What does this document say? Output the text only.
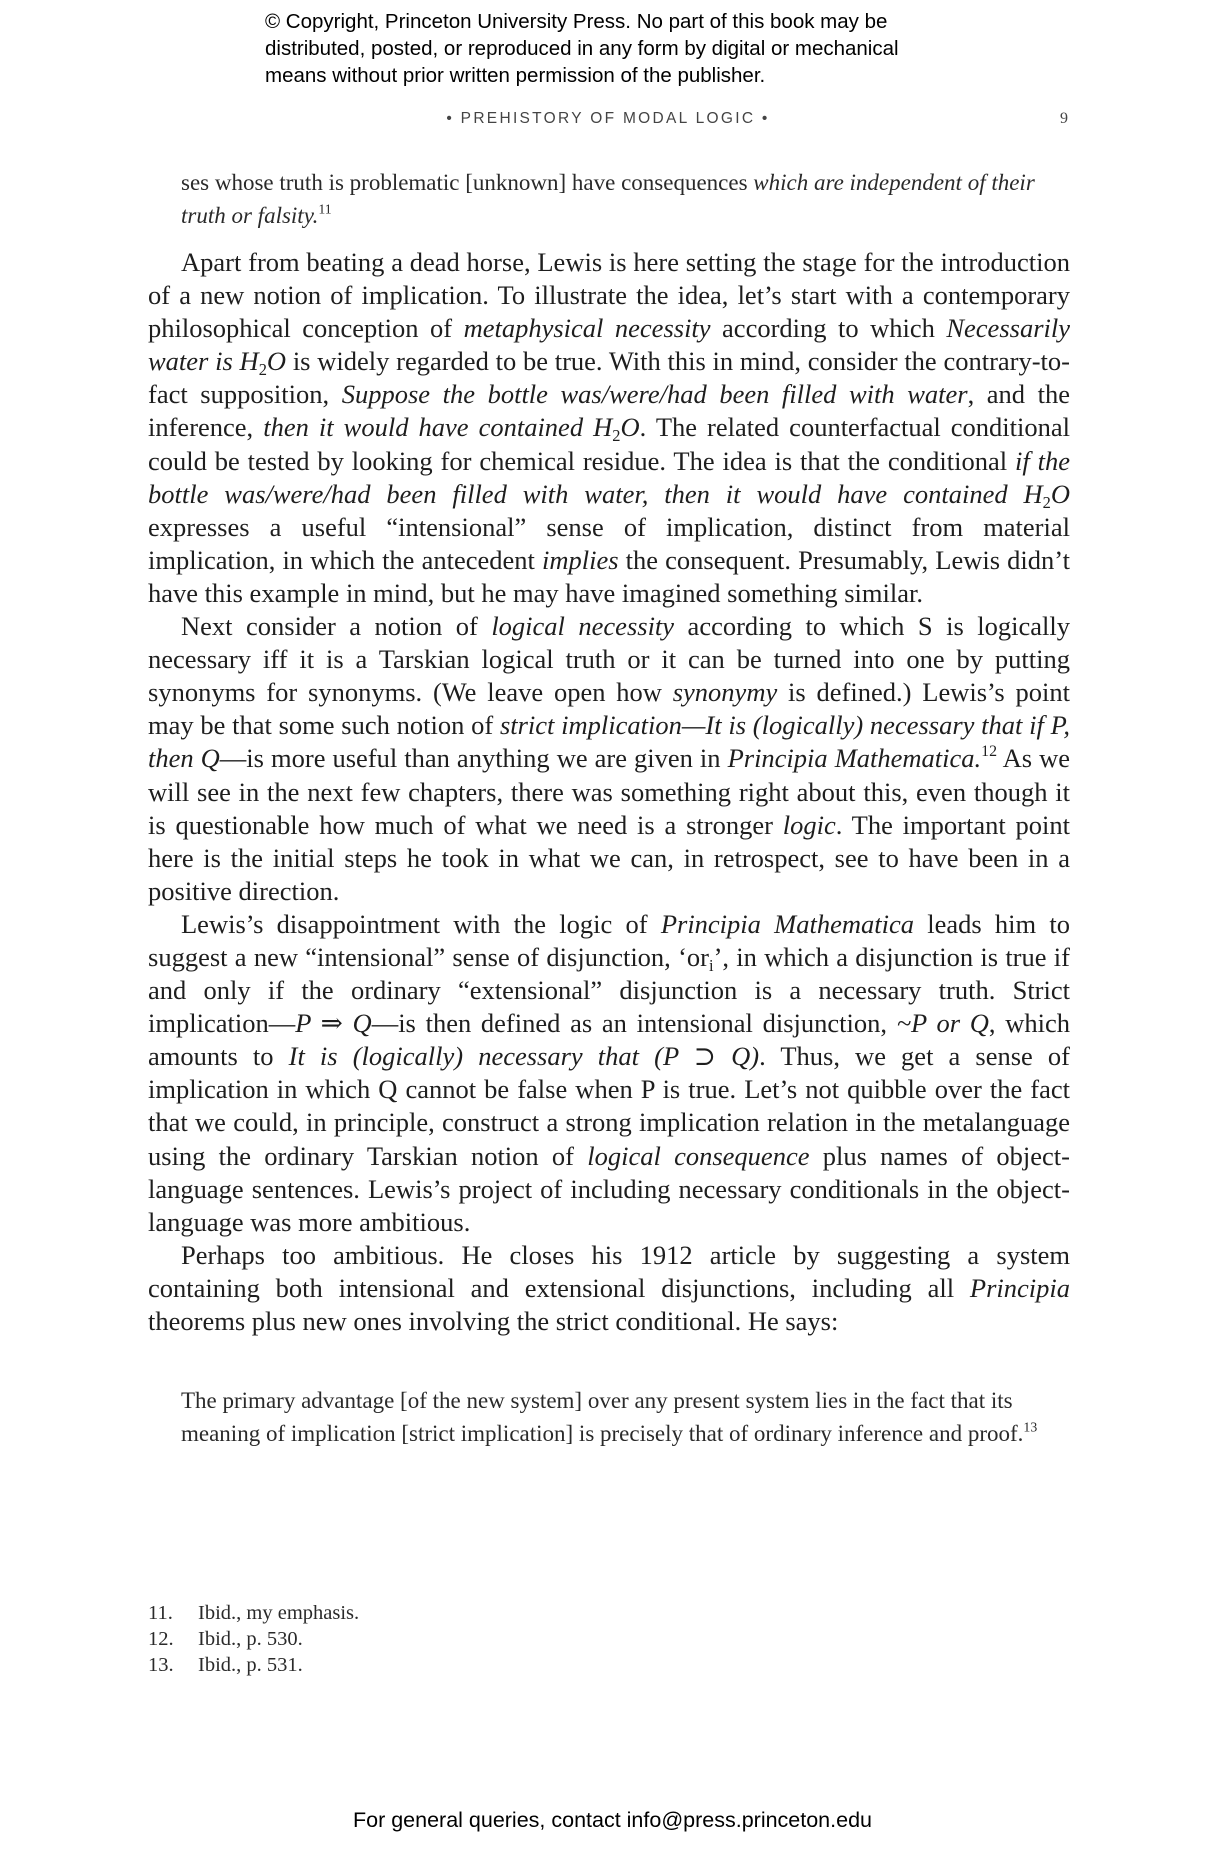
© Copyright, Princeton University Press. No part of this book may be
distributed, posted, or reproduced in any form by digital or mechanical
means without prior written permission of the publisher.
• PREHISTORY OF MODAL LOGIC •	9
ses whose truth is problematic [unknown] have consequences which are independent of their truth or falsity.$^{11}$

Apart from beating a dead horse, Lewis is here setting the stage for the introduction of a new notion of implication. To illustrate the idea, let’s start with a contemporary philosophical conception of metaphysical necessity according to which Necessarily water is $H_2O$ is widely regarded to be true. With this in mind, consider the contrary-to-fact supposition, Suppose the bottle was/were/had been filled with water, and the inference, then it would have contained $H_2O$. The related counterfactual conditional could be tested by looking for chemical residue. The idea is that the conditional if the bottle was/were/had been filled with water, then it would have contained $H_2O$ expresses a useful “intensional” sense of implication, distinct from material implication, in which the antecedent implies the consequent. Presumably, Lewis didn’t have this example in mind, but he may have imagined something similar.

Next consider a notion of logical necessity according to which S is logically necessary iff it is a Tarskian logical truth or it can be turned into one by putting synonyms for synonyms. (We leave open how synonymy is defined.) Lewis’s point may be that some such notion of strict implication—It is (logically) necessary that if P, then Q—is more useful than anything we are given in Principia Mathematica.$^{12}$ As we will see in the next few chapters, there was something right about this, even though it is questionable how much of what we need is a stronger logic. The important point here is the initial steps he took in what we can, in retrospect, see to have been in a positive direction.

Lewis’s disappointment with the logic of Principia Mathematica leads him to suggest a new “intensional” sense of disjunction, ‘$or_i$’, in which a disjunction is true if and only if the ordinary “extensional” disjunction is a necessary truth. Strict implication—P ⇒ Q—is then defined as an intensional disjunction, ~P or Q, which amounts to It is (logically) necessary that (P ⊃ Q). Thus, we get a sense of implication in which Q cannot be false when P is true. Let’s not quibble over the fact that we could, in principle, construct a strong implication relation in the metalanguage using the ordinary Tarskian notion of logical consequence plus names of object-language sentences. Lewis’s project of including necessary conditionals in the object-language was more ambitious.

Perhaps too ambitious. He closes his 1912 article by suggesting a system containing both intensional and extensional disjunctions, including all Principia theorems plus new ones involving the strict conditional. He says:

The primary advantage [of the new system] over any present system lies in the fact that its meaning of implication [strict implication] is precisely that of ordinary inference and proof.$^{13}$
11.	Ibid., my emphasis.
12.	Ibid., p. 530.
13.	Ibid., p. 531.
For general queries, contact info@press.princeton.edu
